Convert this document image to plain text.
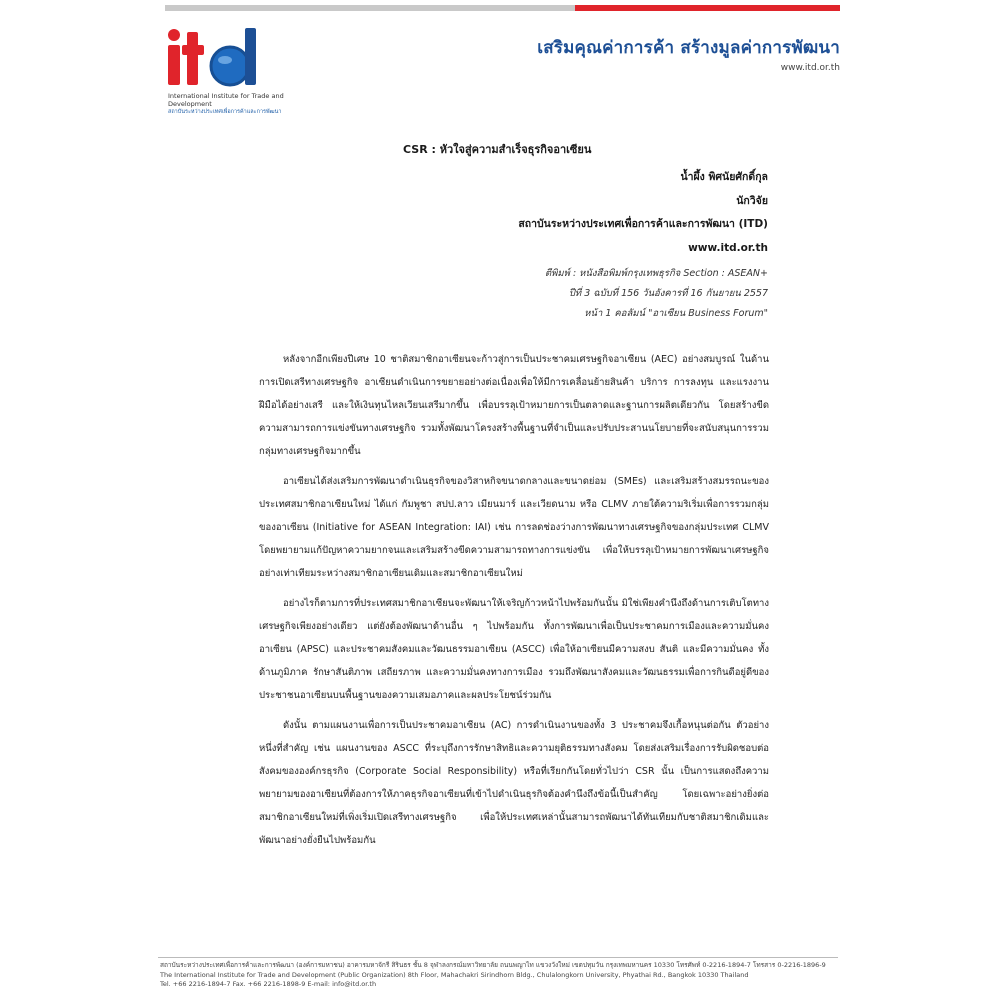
International Institute for Trade and Development
สถาบันระหว่างประเทศเพื่อการค้าและการพัฒนา
เสริมคุณค่าการค้า สร้างมูลค่าการพัฒนา
www.itd.or.th
CSR : หัวใจสู่ความสำเร็จธุรกิจอาเซียน
น้ำผึ้ง พิศนัยศักดิ์กุล
นักวิจัย
สถาบันระหว่างประเทศเพื่อการค้าและการพัฒนา (ITD)
www.itd.or.th
ตีพิมพ์ : หนังสือพิมพ์กรุงเทพธุรกิจ Section : ASEAN+
ปีที่ 3 ฉบับที่ 156 วันอังคารที่ 16 กันยายน 2557
หน้า 1 คอลัมน์ "อาเซียน Business Forum"

หลังจากอีกเพียงปีเศษ 10 ชาติสมาชิกอาเซียนจะก้าวสู่การเป็นประชาคมเศรษฐกิจอาเซียน (AEC) อย่างสมบูรณ์ ในด้านการเปิดเสรีทางเศรษฐกิจ อาเซียนดำเนินการขยายอย่างต่อเนื่องเพื่อให้มีการเคลื่อนย้ายสินค้า บริการ การลงทุน และแรงงานฝีมือได้อย่างเสรี และให้เงินทุนไหลเวียนเสรีมากขึ้น เพื่อบรรลุเป้าหมายการเป็นตลาดและฐานการผลิตเดียวกัน โดยสร้างขีดความสามารถการแข่งขันทางเศรษฐกิจ รวมทั้งพัฒนาโครงสร้างพื้นฐานที่จำเป็นและปรับประสานนโยบายที่จะสนับสนุนการรวมกลุ่มทางเศรษฐกิจมากขึ้น

อาเซียนได้ส่งเสริมการพัฒนาดำเนินธุรกิจของวิสาหกิจขนาดกลางและขนาดย่อม (SMEs) และเสริมสร้างสมรรถนะของประเทศสมาชิกอาเซียนใหม่ ได้แก่ กัมพูชา สปป.ลาว เมียนมาร์ และเวียดนาม หรือ CLMV ภายใต้ความริเริ่มเพื่อการรวมกลุ่มของอาเซียน (Initiative for ASEAN Integration: IAI) เช่น การลดช่องว่างการพัฒนาทางเศรษฐกิจของกลุ่มประเทศ CLMV โดยพยายามแก้ปัญหาความยากจนและเสริมสร้างขีดความสามารถทางการแข่งขัน เพื่อให้บรรลุเป้าหมายการพัฒนาเศรษฐกิจอย่างเท่าเทียมระหว่างสมาชิกอาเซียนเดิมและสมาชิกอาเซียนใหม่

อย่างไรก็ตามการที่ประเทศสมาชิกอาเซียนจะพัฒนาให้เจริญก้าวหน้าไปพร้อมกันนั้น มิใช่เพียงคำนึงถึงด้านการเติบโตทางเศรษฐกิจเพียงอย่างเดียว แต่ยังต้องพัฒนาด้านอื่น ๆ ไปพร้อมกัน ทั้งการพัฒนาเพื่อเป็นประชาคมการเมืองและความมั่นคงอาเซียน (APSC) และประชาคมสังคมและวัฒนธรรมอาเซียน (ASCC) เพื่อให้อาเซียนมีความสงบ สันติ และมีความมั่นคง ทั้งด้านภูมิภาค รักษาสันติภาพ เสถียรภาพ และความมั่นคงทางการเมือง รวมถึงพัฒนาสังคมและวัฒนธรรมเพื่อการกินดีอยู่ดีของประชาชนอาเซียนบนพื้นฐานของความเสมอภาคและผลประโยชน์ร่วมกัน

ดังนั้น ตามแผนงานเพื่อการเป็นประชาคมอาเซียน (AC) การดำเนินงานของทั้ง 3 ประชาคมจึงเกื้อหนุนต่อกัน ตัวอย่างหนึ่งที่สำคัญ เช่น แผนงานของ ASCC ที่ระบุถึงการรักษาสิทธิและความยุติธรรมทางสังคม โดยส่งเสริมเรื่องการรับผิดชอบต่อสังคมขององค์กรธุรกิจ (Corporate Social Responsibility) หรือที่เรียกกันโดยทั่วไปว่า CSR นั้น เป็นการแสดงถึงความพยายามของอาเซียนที่ต้องการให้ภาคธุรกิจอาเซียนที่เข้าไปดำเนินธุรกิจต้องคำนึงถึงข้อนี้เป็นสำคัญ โดยเฉพาะอย่างยิ่งต่อสมาชิกอาเซียนใหม่ที่เพิ่งเริ่มเปิดเสรีทางเศรษฐกิจ เพื่อให้ประเทศเหล่านั้นสามารถพัฒนาได้ทันเทียมกับชาติสมาชิกเดิมและพัฒนาอย่างยั่งยืนไปพร้อมกัน

สถาบันระหว่างประเทศเพื่อการค้าและการพัฒนา (องค์การมหาชน) อาคารมหาจักรี สิรินธร ชั้น 8 จุฬาลงกรณ์มหาวิทยาลัย ถนนพญาไท แขวงวังใหม่ เขตปทุมวัน กรุงเทพมหานคร 10330 โทรศัพท์ 0-2216-1894-7 โทรสาร 0-2216-1896-9
The International Institute for Trade and Development (Public Organization) 8th Floor, Mahachakri Sirindhorn Bldg., Chulalongkorn University, Phyathai Rd., Bangkok 10330 Thailand
Tel. +66 2216-1894-7 Fax. +66 2216-1898-9 E-mail: info@itd.or.th
